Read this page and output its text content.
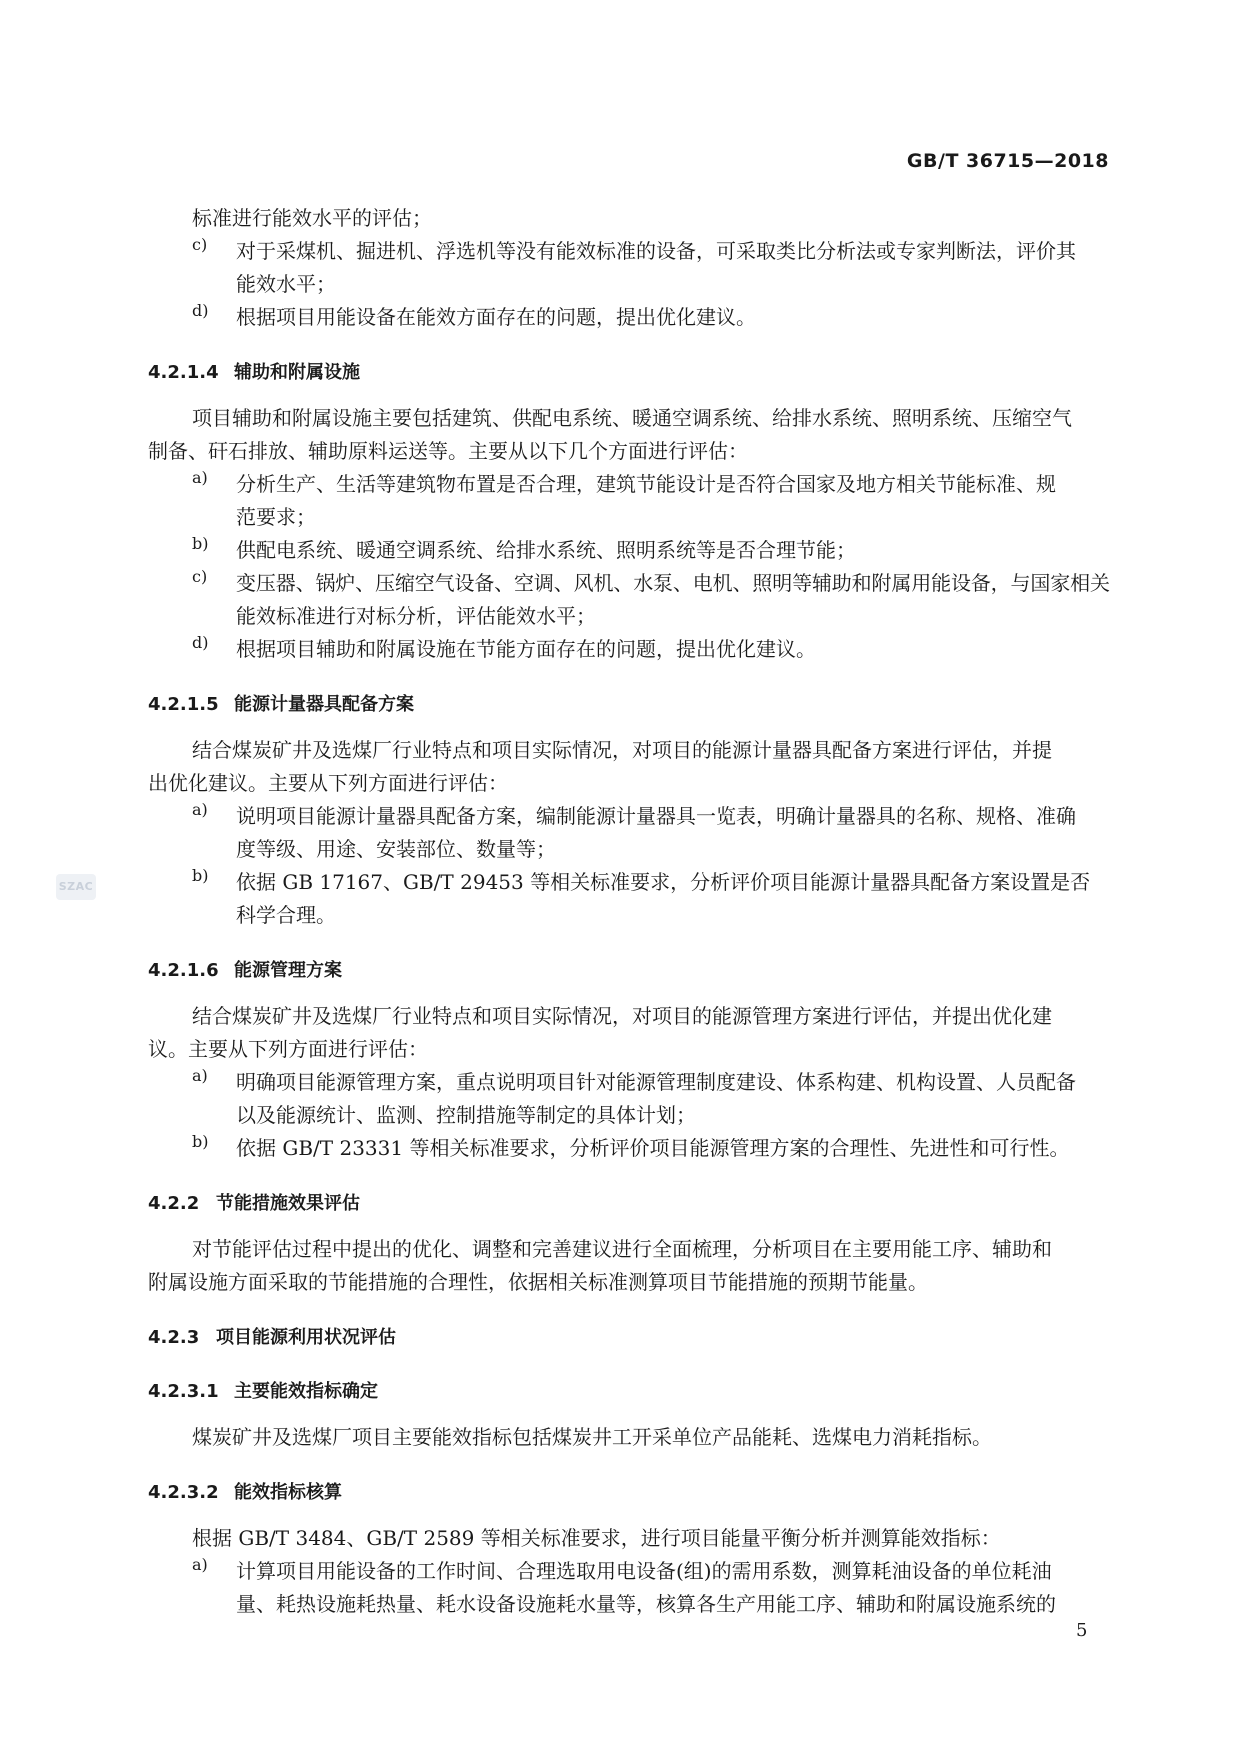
GB/T 36715—2018
SZAC
标准进行能效水平的评估；
c) 对于采煤机、掘进机、浮选机等没有能效标准的设备，可采取类比分析法或专家判断法，评价其
能效水平；
d) 根据项目用能设备在能效方面存在的问题，提出优化建议。
4.2.1.4 辅助和附属设施
项目辅助和附属设施主要包括建筑、供配电系统、暖通空调系统、给排水系统、照明系统、压缩空气
制备、矸石排放、辅助原料运送等。主要从以下几个方面进行评估：
a) 分析生产、生活等建筑物布置是否合理，建筑节能设计是否符合国家及地方相关节能标准、规
范要求；
b) 供配电系统、暖通空调系统、给排水系统、照明系统等是否合理节能；
c) 变压器、锅炉、压缩空气设备、空调、风机、水泵、电机、照明等辅助和附属用能设备，与国家相关
能效标准进行对标分析，评估能效水平；
d) 根据项目辅助和附属设施在节能方面存在的问题，提出优化建议。
4.2.1.5 能源计量器具配备方案
结合煤炭矿井及选煤厂行业特点和项目实际情况，对项目的能源计量器具配备方案进行评估，并提
出优化建议。主要从下列方面进行评估：
a) 说明项目能源计量器具配备方案，编制能源计量器具一览表，明确计量器具的名称、规格、准确
度等级、用途、安装部位、数量等；
b) 依据 GB 17167、GB/T 29453 等相关标准要求，分析评价项目能源计量器具配备方案设置是否
科学合理。
4.2.1.6 能源管理方案
结合煤炭矿井及选煤厂行业特点和项目实际情况，对项目的能源管理方案进行评估，并提出优化建
议。主要从下列方面进行评估：
a) 明确项目能源管理方案，重点说明项目针对能源管理制度建设、体系构建、机构设置、人员配备
以及能源统计、监测、控制措施等制定的具体计划；
b) 依据 GB/T 23331 等相关标准要求，分析评价项目能源管理方案的合理性、先进性和可行性。
4.2.2 节能措施效果评估
对节能评估过程中提出的优化、调整和完善建议进行全面梳理，分析项目在主要用能工序、辅助和
附属设施方面采取的节能措施的合理性，依据相关标准测算项目节能措施的预期节能量。
4.2.3 项目能源利用状况评估
4.2.3.1 主要能效指标确定
煤炭矿井及选煤厂项目主要能效指标包括煤炭井工开采单位产品能耗、选煤电力消耗指标。
4.2.3.2 能效指标核算
根据 GB/T 3484、GB/T 2589 等相关标准要求，进行项目能量平衡分析并测算能效指标：
a) 计算项目用能设备的工作时间、合理选取用电设备(组)的需用系数，测算耗油设备的单位耗油
量、耗热设施耗热量、耗水设备设施耗水量等，核算各生产用能工序、辅助和附属设施系统的
5
